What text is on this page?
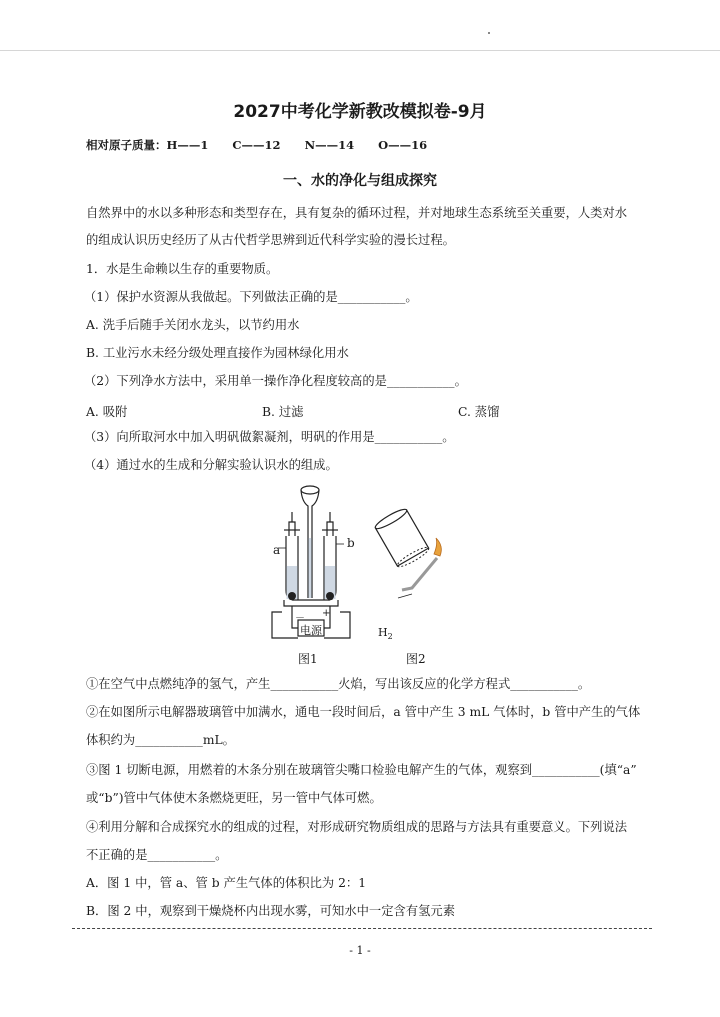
2027中考化学新教改模拟卷-9月
相对原子质量：H——1      C——12      N——14      O——16
一、水的净化与组成探究
自然界中的水以多种形态和类型存在，具有复杂的循环过程，并对地球生态系统至关重要，人类对水
的组成认识历史经历了从古代哲学思辨到近代科学实验的漫长过程。
1．水是生命赖以生存的重要物质。
（1）保护水资源从我做起。下列做法正确的是___________。
A. 洗手后随手关闭水龙头，以节约用水
B. 工业污水未经分级处理直接作为园林绿化用水
（2）下列净水方法中，采用单一操作净化程度较高的是___________。
A. 吸附	B. 过滤	C. 蒸馏
（3）向所取河水中加入明矾做絮凝剂，明矾的作用是___________。
（4）通过水的生成和分解实验认识水的组成。
a	b
－ +
电源	$H_2$
图1	图2
①在空气中点燃纯净的氢气，产生___________火焰，写出该反应的化学方程式___________。
②在如图所示电解器玻璃管中加满水，通电一段时间后，a 管中产生 3 mL 气体时，b 管中产生的气体
体积约为___________mL。
③图 1 切断电源，用燃着的木条分别在玻璃管尖嘴口检验电解产生的气体，观察到___________(填“a”
或“b”)管中气体使木条燃烧更旺，另一管中气体可燃。
④利用分解和合成探究水的组成的过程，对形成研究物质组成的思路与方法具有重要意义。下列说法
不正确的是___________。
A．图 1 中，管 a、管 b 产生气体的体积比为 2：1
B．图 2 中，观察到干燥烧杯内出现水雾，可知水中一定含有氢元素
- 1 -
